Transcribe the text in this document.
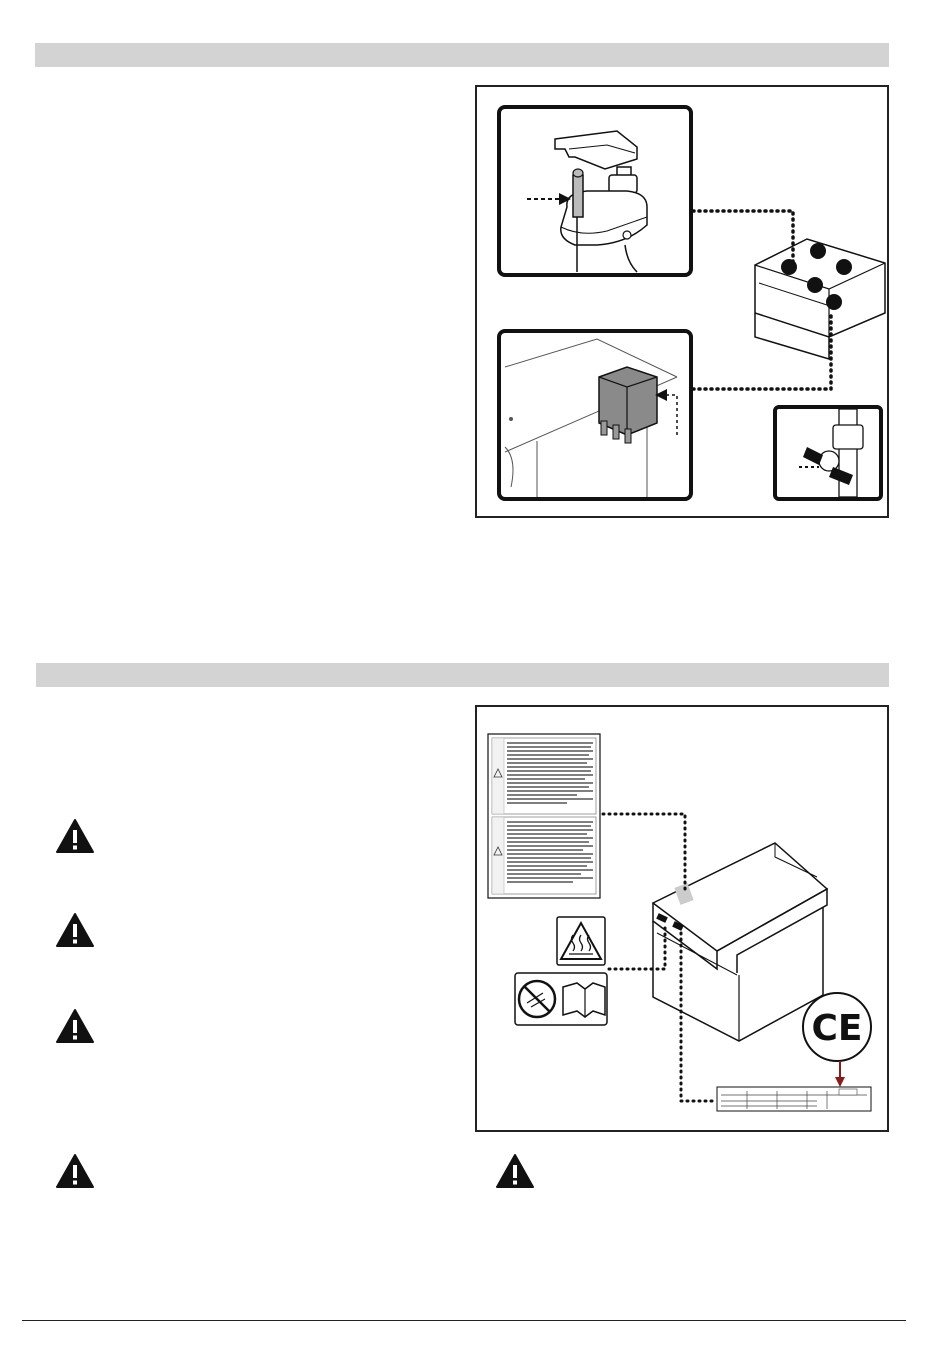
CE
